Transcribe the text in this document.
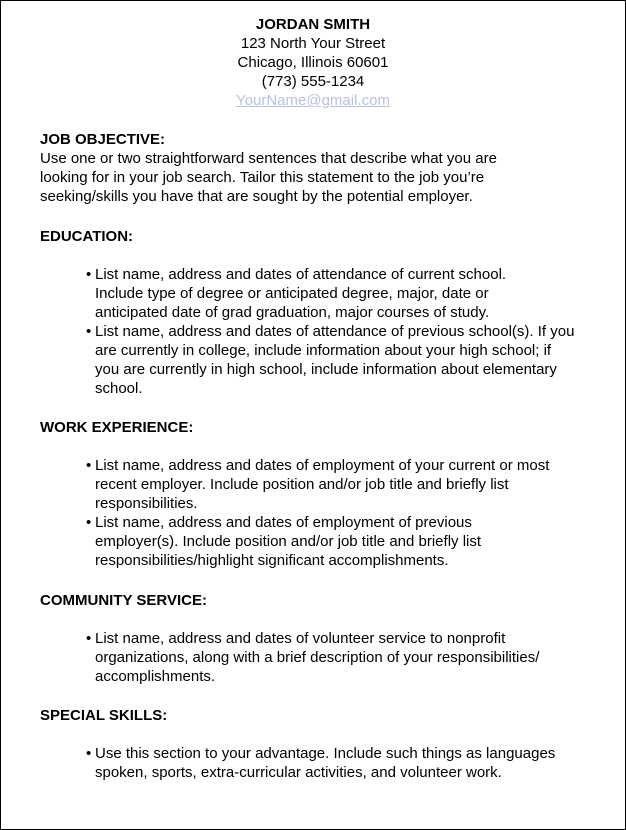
JORDAN SMITH
123 North Your Street
Chicago, Illinois 60601
(773) 555-1234
YourName@gmail.com
JOB OBJECTIVE:

Use one or two straightforward sentences that describe what you are looking for in your job search. Tailor this statement to the job you’re seeking/skills you have that are sought by the potential employer.

EDUCATION:
• List name, address and dates of attendance of current school. Include type of degree or anticipated degree, major, date or anticipated date of grad graduation, major courses of study.
• List name, address and dates of attendance of previous school(s). If you are currently in college, include information about your high school; if you are currently in high school, include information about elementary school.
WORK EXPERIENCE:
• List name, address and dates of employment of your current or most recent employer. Include position and/or job title and briefly list responsibilities.
• List name, address and dates of employment of previous employer(s). Include position and/or job title and briefly list responsibilities/highlight significant accomplishments.
COMMUNITY SERVICE:
• List name, address and dates of volunteer service to nonprofit organizations, along with a brief description of your responsibilities/ accomplishments.
SPECIAL SKILLS:
• Use this section to your advantage. Include such things as languages spoken, sports, extra-curricular activities, and volunteer work.
